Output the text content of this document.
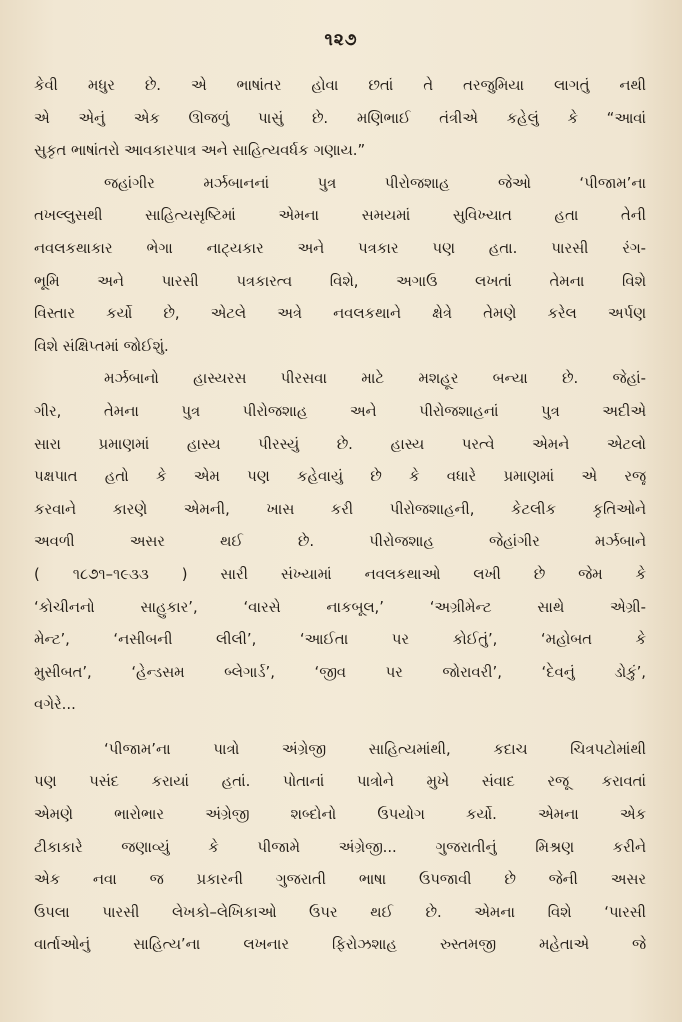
૧૨૭
કેવી મધુર છે. એ ભાષાંતર હોવા છતાં તે તરજુમિયા લાગતું નથી
એ એનું એક ઊજળું પાસું છે. મણિભાઈ તંત્રીએ કહેલું કે “આવાં
સુકૃત ભાષાંતરો આવકારપાત્ર અને સાહિત્યવર્ધક ગણાય.”
જહાંગીર મર્ઝબાનનાં પુત્ર પીરોજશાહ જેઓ ‘પીજામ’ના
તખલ્લુસથી સાહિત્યસૃષ્ટિમાં એમના સમયમાં સુવિખ્યાત હતા તેની
નવલકથાકાર ભેગા નાટ્યકાર અને પત્રકાર પણ હતા. પારસી રંગ-
ભૂમિ અને પારસી પત્રકારત્વ વિશે, અગાઉ લખતાં તેમના વિશે
વિસ્તાર કર્યો છે, એટલે અત્રે નવલકથાને ક્ષેત્રે તેમણે કરેલ અર્પણ
વિશે સંક્ષિપ્તમાં જોઈશું.
મર્ઝબાનો હાસ્યરસ પીરસવા માટે મશહૂર બન્યા છે. જેહાં-
ગીર, તેમના પુત્ર પીરોજશાહ અને પીરોજશાહનાં પુત્ર અદીએ
સારા પ્રમાણમાં હાસ્ય પીરસ્યું છે. હાસ્ય પરત્વે એમને એટલો
પક્ષપાત હતો કે એમ પણ કહેવાયું છે કે વધારે પ્રમાણમાં એ રજૂ
કરવાને કારણે એમની, ખાસ કરી પીરોજશાહની, કેટલીક કૃતિઓને
અવળી અસર થઈ છે. પીરોજશાહ જેહાંગીર મર્ઝબાને
( ૧૮૭૧–૧૯૩૩ ) સારી સંખ્યામાં નવલકથાઓ લખી છે જેમ કે
‘કોચીનનો સાહુકાર’, ‘વારસે નાકબૂલ,’ ‘અગ્રીમેન્ટ સાથે એગ્રી-
મેન્ટ’, ‘નસીબની લીલી’, ‘આઈતા પર કોઈતું’, ‘મહોબત કે
મુસીબત’, ‘હેન્ડસમ બ્લેગાર્ડ’, ‘જીવ પર જોરાવરી’, ‘દેવનું ડોકું’,
વગેરે...
‘પીજામ’ના પાત્રો અંગ્રેજી સાહિત્યમાંથી, કદાચ ચિત્રપટોમાંથી
પણ પસંદ કરાયાં હતાં. પોતાનાં પાત્રોને મુખે સંવાદ રજૂ કરાવતાં
એમણે ભારોભાર અંગ્રેજી શબ્દોનો ઉપયોગ કર્યો. એમના એક
ટીકાકારે જણાવ્યું કે પીજામે અંગ્રેજી... ગુજરાતીનું મિશ્રણ કરીને
એક નવા જ પ્રકારની ગુજરાતી ભાષા ઉપજાવી છે જેની અસર
ઉપલા પારસી લેખકો–લેખિકાઓ ઉપર થઈ છે. એમના વિશે ‘પારસી
વાર્તાઓનું સાહિત્ય’ના લખનાર ફિરોઝશાહ રુસ્તમજી મહેતાએ જે
